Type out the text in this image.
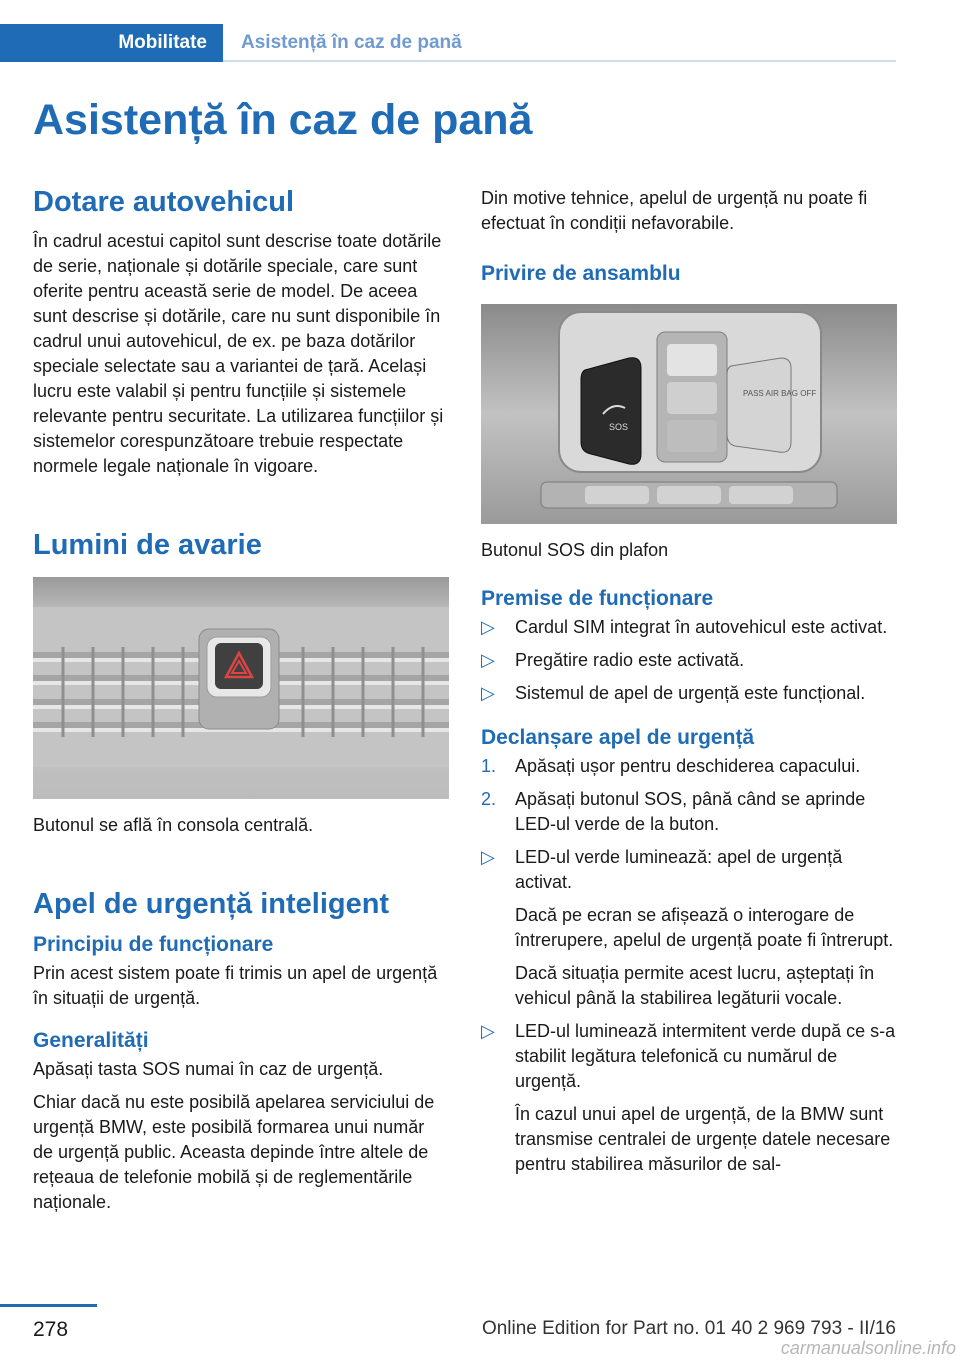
Mobilitate	Asistență în caz de pană
Asistență în caz de pană
Dotare autovehicul

În cadrul acestui capitol sunt descrise toate dotările de serie, naționale și dotările speciale, care sunt oferite pentru această serie de model. De aceea sunt descrise și dotările, care nu sunt disponibile în cadrul unui autovehicul, de ex. pe baza dotărilor speciale selectate sau a variantei de țară. Același lucru este valabil și pentru funcțiile și sistemele relevante pentru securitate. La utilizarea funcțiilor și sistemelor corespunzătoare trebuie respectate normele legale naționale în vigoare.

Lumini de avarie

Butonul se află în consola centrală.

Apel de urgență inteligent
Principiu de funcționare

Prin acest sistem poate fi trimis un apel de urgență în situații de urgență.

Generalități

Apăsați tasta SOS numai în caz de urgență.

Chiar dacă nu este posibilă apelarea serviciului de urgență BMW, este posibilă formarea unui număr de urgență public. Aceasta depinde între altele de rețeaua de telefonie mobilă și de reglementările naționale.

Din motive tehnice, apelul de urgență nu poate fi efectuat în condiții nefavorabile.

Privire de ansamblu
SOS
PASS AIR BAG OFF

Butonul SOS din plafon

Premise de funcționare
▷ Cardul SIM integrat în autovehicul este activat.
▷ Pregătire radio este activată.
▷ Sistemul de apel de urgență este funcțional.
Declanșare apel de urgență
1. Apăsați ușor pentru deschiderea capacului.
2. Apăsați butonul SOS, până când se aprinde LED-ul verde de la buton.
▷ LED-ul verde luminează: apel de urgență activat.

Dacă pe ecran se afișează o interogare de întrerupere, apelul de urgență poate fi întrerupt.

Dacă situația permite acest lucru, așteptați în vehicul până la stabilirea legăturii vocale.

▷ LED-ul luminează intermitent verde după ce s-a stabilit legătura telefonică cu numărul de urgență.

În cazul unui apel de urgență, de la BMW sunt transmise centralei de urgențe datele necesare pentru stabilirea măsurilor de sal-

278	Online Edition for Part no. 01 40 2 969 793 - II/16
carmanualsonline.info
